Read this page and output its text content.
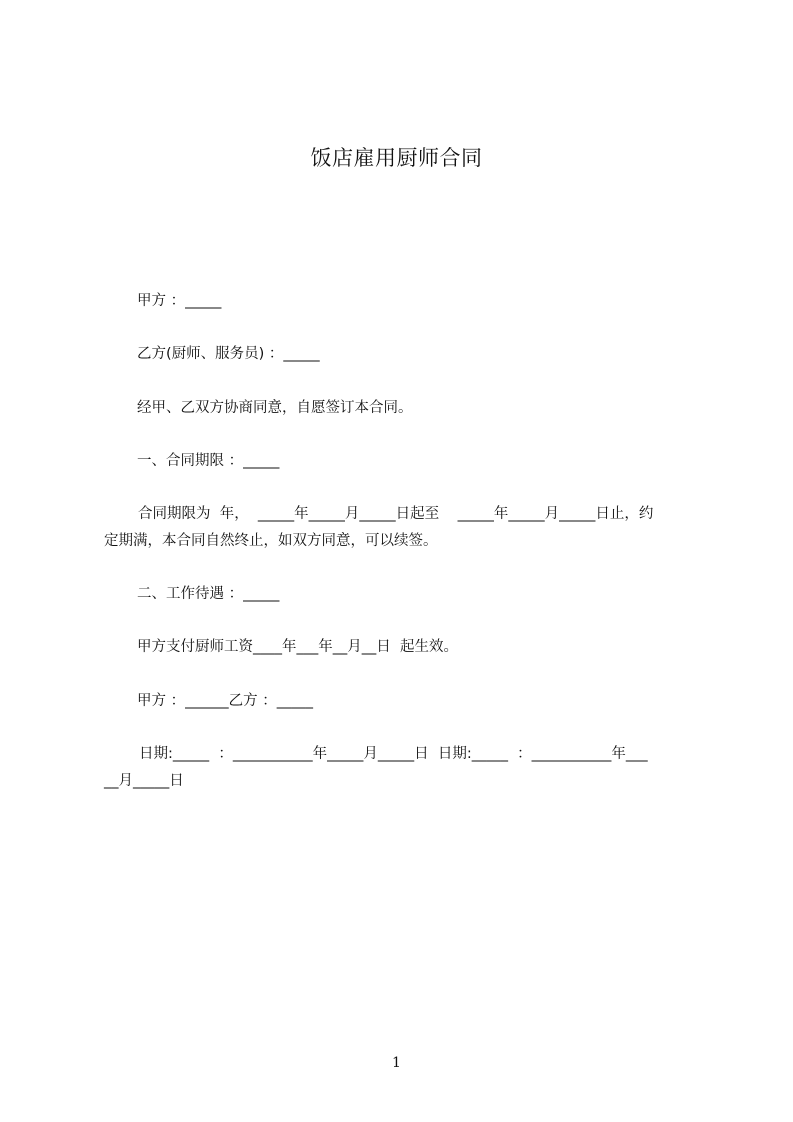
饭店雇用厨师合同
甲方 ：_____
乙方(厨师、服务员) ：_____
经甲、乙双方协商同意，自愿签订本合同。
一、合同期限 ：_____
合同期限为  年，  _____年_____月_____日起至    _____年_____月_____日止，约
定期满，本合同自然终止，如双方同意，可以续签。
二、工作待遇 ：_____
甲方支付厨师工资____年___年__月__日  起生效。
甲方 ：______乙方 ：_____
日期:_____  ：___________年_____月_____日  日期:_____  ：___________年___
__月_____日
1
